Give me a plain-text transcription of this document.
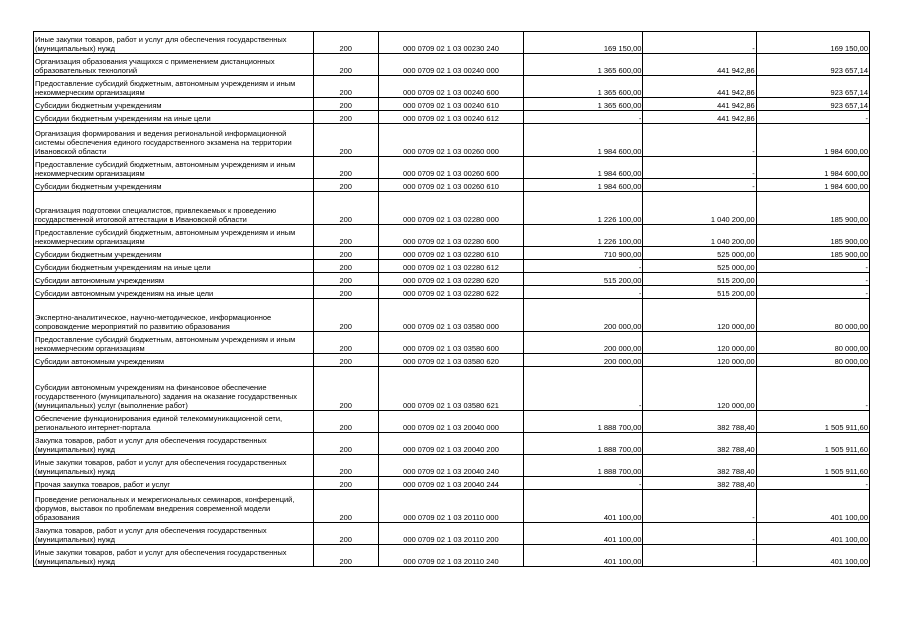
Иные закупки товаров, работ и услуг для обеспечения государственных (муниципальных) нужд	200	000 0709 02 1 03 00230 240	169 150,00	-	169 150,00
Организация образования учащихся с применением дистанционных образовательных технологий	200	000 0709 02 1 03 00240 000	1 365 600,00	441 942,86	923 657,14
Предоставление субсидий бюджетным, автономным учреждениям и иным некоммерческим организациям	200	000 0709 02 1 03 00240 600	1 365 600,00	441 942,86	923 657,14
Субсидии бюджетным учреждениям	200	000 0709 02 1 03 00240 610	1 365 600,00	441 942,86	923 657,14
Субсидии бюджетным учреждениям на иные цели	200	000 0709 02 1 03 00240 612	-	441 942,86	-
Организация формирования и ведения региональной информационной системы обеспечения единого государственного экзамена на территории Ивановской области	200	000 0709 02 1 03 00260 000	1 984 600,00	-	1 984 600,00
Предоставление субсидий бюджетным, автономным учреждениям и иным некоммерческим организациям	200	000 0709 02 1 03 00260 600	1 984 600,00	-	1 984 600,00
Субсидии бюджетным учреждениям	200	000 0709 02 1 03 00260 610	1 984 600,00	-	1 984 600,00
Организация подготовки специалистов, привлекаемых к проведению государственной итоговой аттестации в Ивановской области	200	000 0709 02 1 03 02280 000	1 226 100,00	1 040 200,00	185 900,00
Предоставление субсидий бюджетным, автономным учреждениям и иным некоммерческим организациям	200	000 0709 02 1 03 02280 600	1 226 100,00	1 040 200,00	185 900,00
Субсидии бюджетным учреждениям	200	000 0709 02 1 03 02280 610	710 900,00	525 000,00	185 900,00
Субсидии бюджетным учреждениям на иные цели	200	000 0709 02 1 03 02280 612	-	525 000,00	-
Субсидии автономным учреждениям	200	000 0709 02 1 03 02280 620	515 200,00	515 200,00	-
Субсидии автономным учреждениям на иные цели	200	000 0709 02 1 03 02280 622	-	515 200,00	-
Экспертно-аналитическое, научно-методическое, информационное сопровождение мероприятий по развитию образования	200	000 0709 02 1 03 03580 000	200 000,00	120 000,00	80 000,00
Предоставление субсидий бюджетным, автономным учреждениям и иным некоммерческим организациям	200	000 0709 02 1 03 03580 600	200 000,00	120 000,00	80 000,00
Субсидии автономным учреждениям	200	000 0709 02 1 03 03580 620	200 000,00	120 000,00	80 000,00
Субсидии автономным учреждениям на финансовое обеспечение государственного (муниципального) задания на оказание государственных (муниципальных) услуг (выполнение работ)	200	000 0709 02 1 03 03580 621	-	120 000,00	-
Обеспечение функционирования единой телекоммуникационной сети, регионального интернет-портала	200	000 0709 02 1 03 20040 000	1 888 700,00	382 788,40	1 505 911,60
Закупка товаров, работ и услуг для обеспечения государственных (муниципальных) нужд	200	000 0709 02 1 03 20040 200	1 888 700,00	382 788,40	1 505 911,60
Иные закупки товаров, работ и услуг для обеспечения государственных (муниципальных) нужд	200	000 0709 02 1 03 20040 240	1 888 700,00	382 788,40	1 505 911,60
Прочая закупка товаров, работ и услуг	200	000 0709 02 1 03 20040 244	-	382 788,40	-
Проведение региональных и межрегиональных семинаров, конференций, форумов, выставок по проблемам внедрения современной модели образования	200	000 0709 02 1 03 20110 000	401 100,00	-	401 100,00
Закупка товаров, работ и услуг для обеспечения государственных (муниципальных) нужд	200	000 0709 02 1 03 20110 200	401 100,00	-	401 100,00
Иные закупки товаров, работ и услуг для обеспечения государственных (муниципальных) нужд	200	000 0709 02 1 03 20110 240	401 100,00	-	401 100,00
